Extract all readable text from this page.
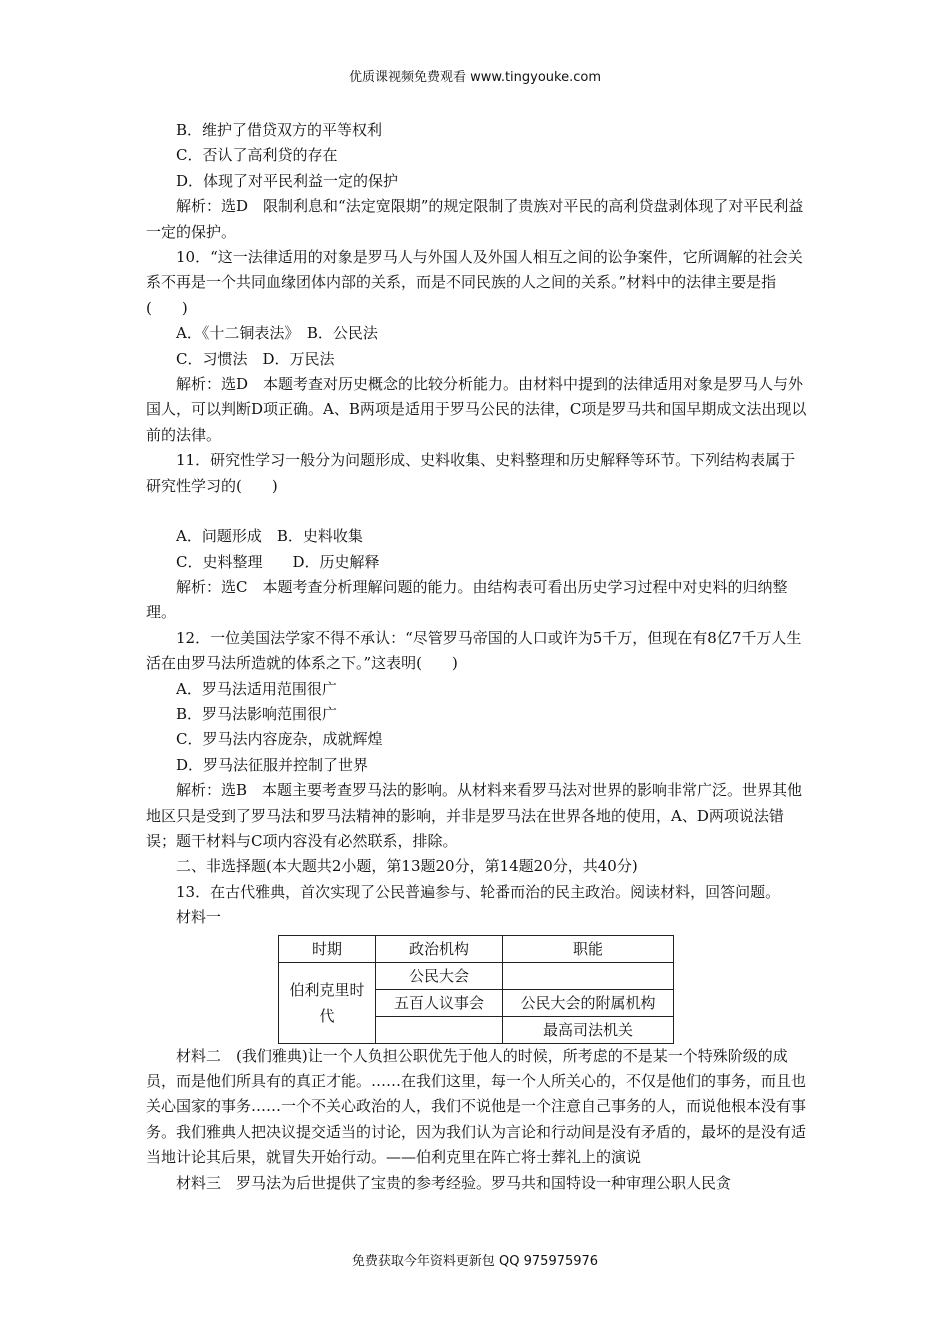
优质课视频免费观看 www.tingyouke.com

B．维护了借贷双方的平等权利

C．否认了高利贷的存在

D．体现了对平民利益一定的保护

解析：选D　限制利息和“法定宽限期”的规定限制了贵族对平民的高利贷盘剥体现了对平民利益一定的保护。

10．“这一法律适用的对象是罗马人与外国人及外国人相互之间的讼争案件，它所调解的社会关系不再是一个共同血缘团体内部的关系，而是不同民族的人之间的关系。”材料中的法律主要是指(　　)

A．《十二铜表法》　B．公民法

C．习惯法　D．万民法

解析：选D　本题考查对历史概念的比较分析能力。由材料中提到的法律适用对象是罗马人与外国人，可以判断D项正确。A、B两项是适用于罗马公民的法律，C项是罗马共和国早期成文法出现以前的法律。

11．研究性学习一般分为问题形成、史料收集、史料整理和历史解释等环节。下列结构表属于研究性学习的(　　)

A．问题形成　B．史料收集

C．史料整理　　D．历史解释

解析：选C　本题考查分析理解问题的能力。由结构表可看出历史学习过程中对史料的归纳整理。

12．一位美国法学家不得不承认：“尽管罗马帝国的人口或许为5千万，但现在有8亿7千万人生活在由罗马法所造就的体系之下。”这表明(　　)

A．罗马法适用范围很广

B．罗马法影响范围很广

C．罗马法内容庞杂，成就辉煌

D．罗马法征服并控制了世界

解析：选B　本题主要考查罗马法的影响。从材料来看罗马法对世界的影响非常广泛。世界其他地区只是受到了罗马法和罗马法精神的影响，并非是罗马法在世界各地的使用，A、D两项说法错误；题干材料与C项内容没有必然联系，排除。

二、非选择题(本大题共2小题，第13题20分，第14题20分，共40分)

13．在古代雅典，首次实现了公民普遍参与、轮番而治的民主政治。阅读材料，回答问题。

材料一

时期	政治机构	职能
伯利克里时代	公民大会	
	五百人议事会	公民大会的附属机构
		最高司法机关

材料二　(我们雅典)让一个人负担公职优先于他人的时候，所考虑的不是某一个特殊阶级的成员，而是他们所具有的真正才能。……在我们这里，每一个人所关心的，不仅是他们的事务，而且也关心国家的事务……一个不关心政治的人，我们不说他是一个注意自己事务的人，而说他根本没有事务。我们雅典人把决议提交适当的讨论，因为我们认为言论和行动间是没有矛盾的，最坏的是没有适当地计论其后果，就冒失开始行动。——伯利克里在阵亡将士葬礼上的演说

材料三　罗马法为后世提供了宝贵的参考经验。罗马共和国特设一种审理公职人民贪

免费获取今年资料更新包 QQ 975975976
